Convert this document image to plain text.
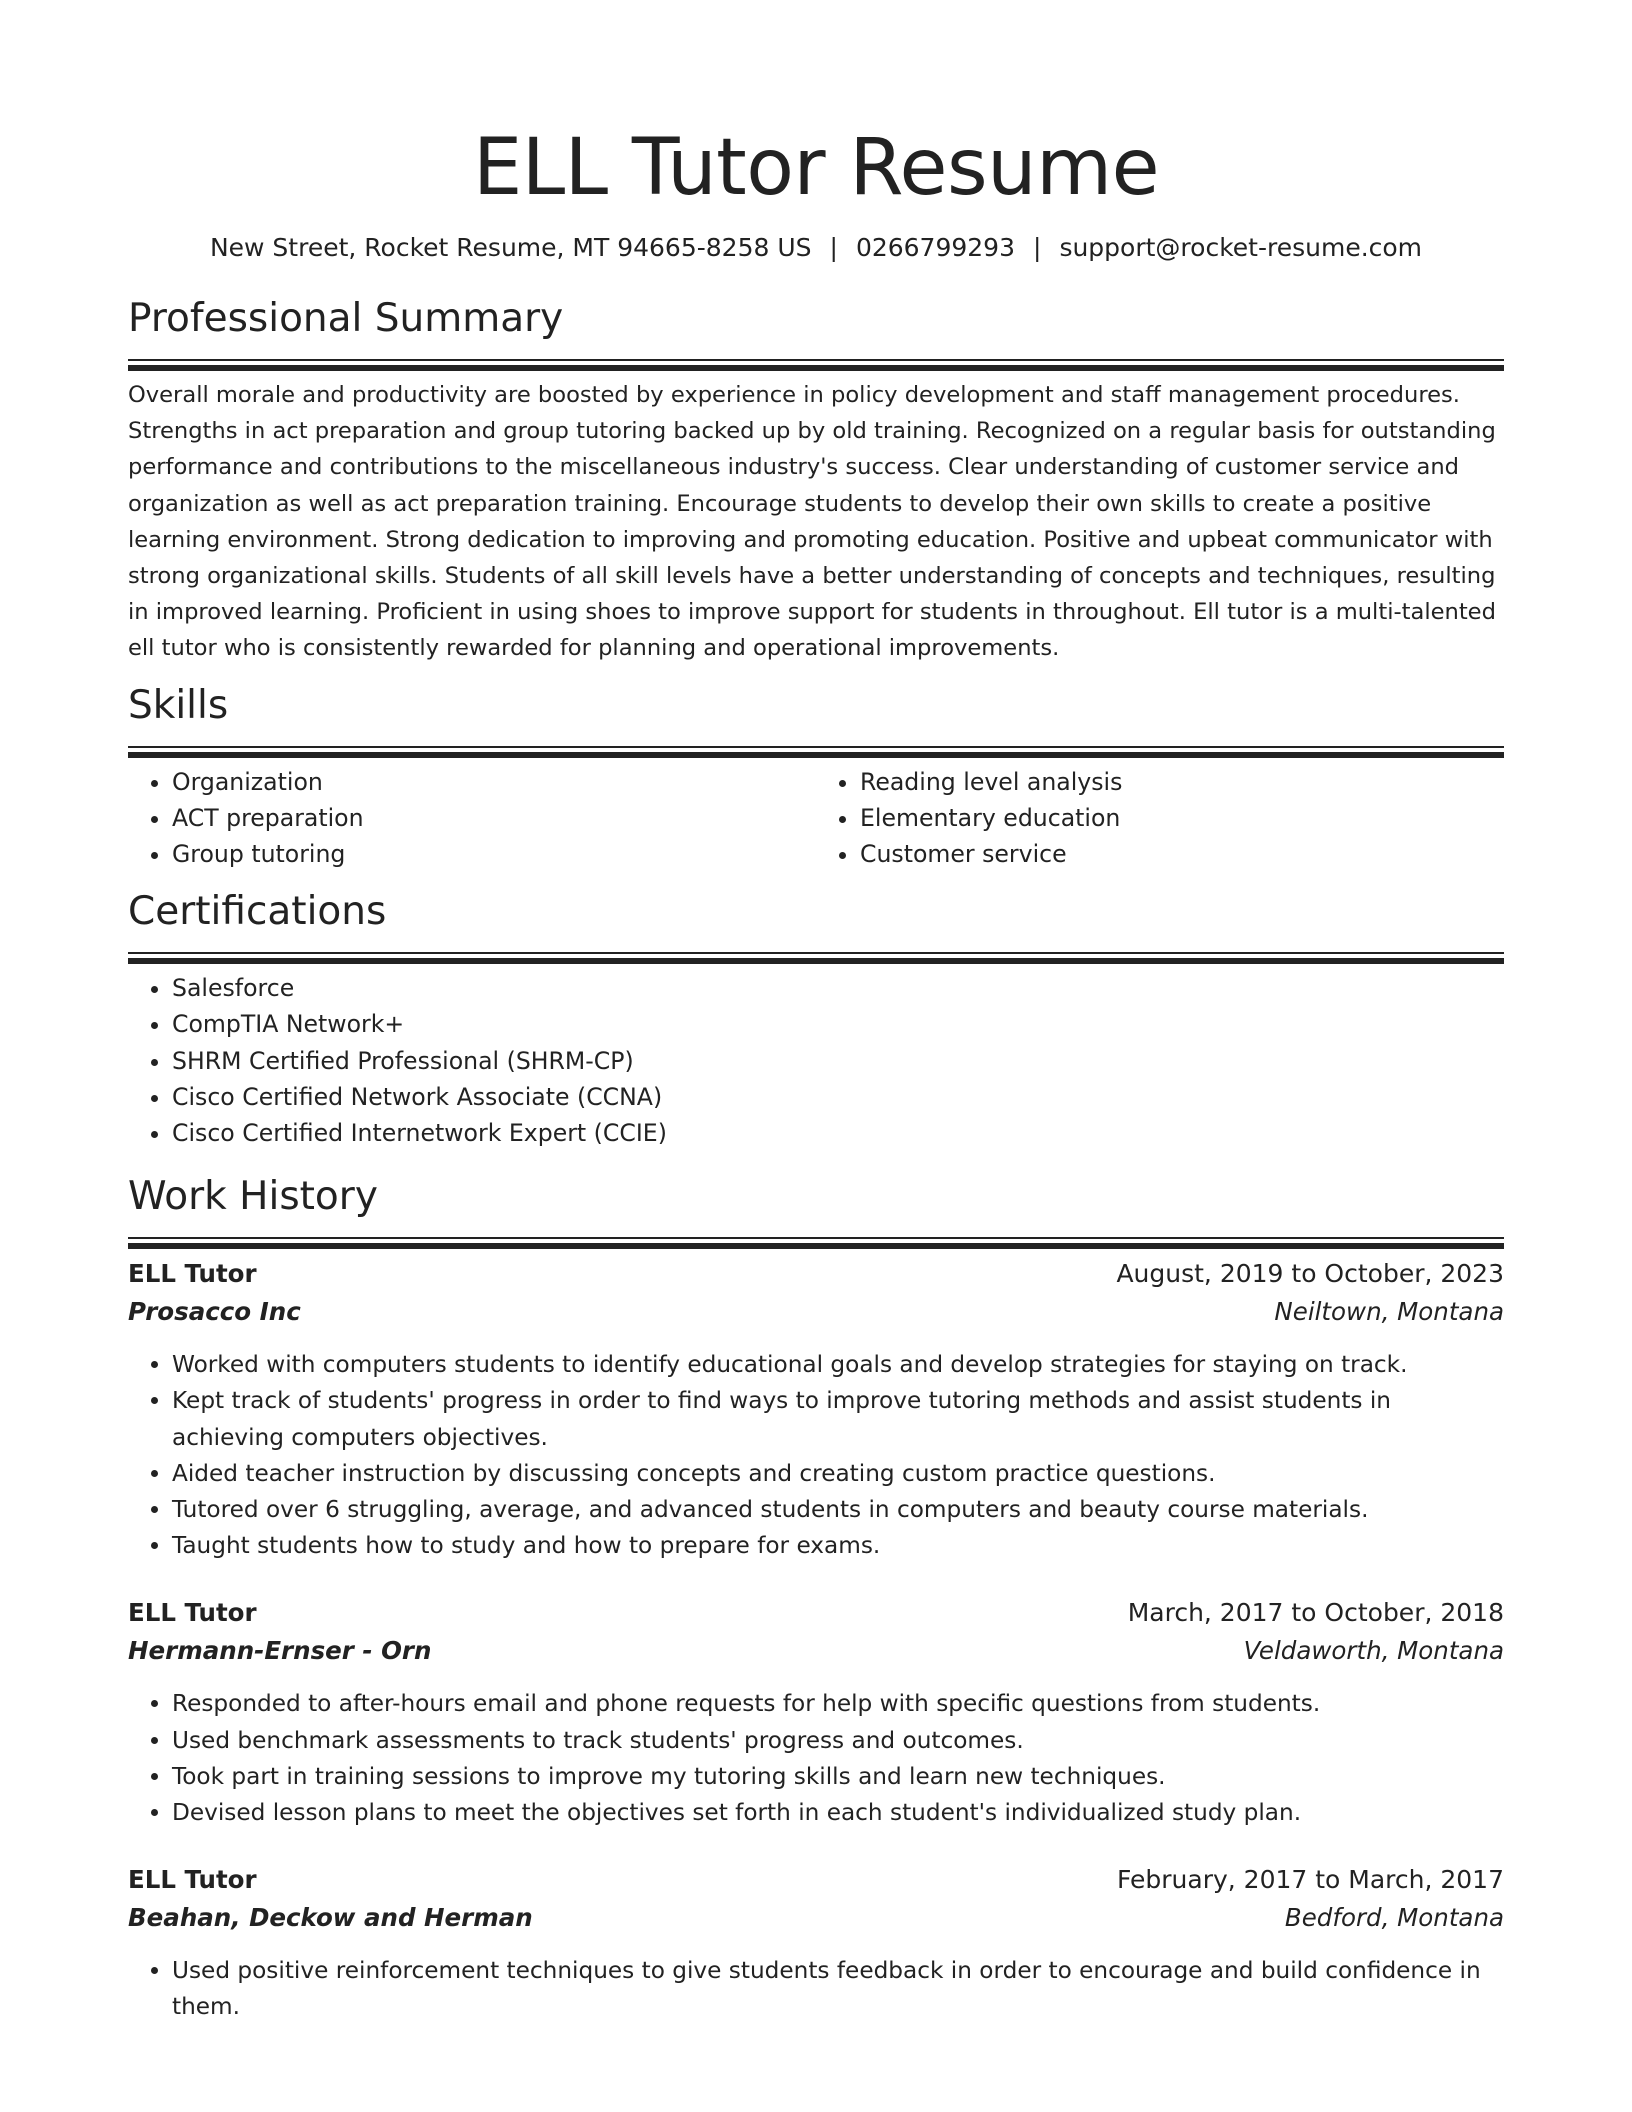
ELL Tutor Resume
New Street, Rocket Resume, MT 94665-8258 US | 0266799293 | support@rocket-resume.com
Professional Summary

Overall morale and productivity are boosted by experience in policy development and staff management procedures. Strengths in act preparation and group tutoring backed up by old training. Recognized on a regular basis for outstanding performance and contributions to the miscellaneous industry's success. Clear understanding of customer service and organization as well as act preparation training. Encourage students to develop their own skills to create a positive learning environment. Strong dedication to improving and promoting education. Positive and upbeat communicator with strong organizational skills. Students of all skill levels have a better understanding of concepts and techniques, resulting in improved learning. Proficient in using shoes to improve support for students in throughout. Ell tutor is a multi-talented ell tutor who is consistently rewarded for planning and operational improvements.

Skills
• Organization
• ACT preparation
• Group tutoring
• Reading level analysis
• Elementary education
• Customer service
Certifications
• Salesforce
• CompTIA Network+
• SHRM Certified Professional (SHRM-CP)
• Cisco Certified Network Associate (CCNA)
• Cisco Certified Internetwork Expert (CCIE)
Work History
ELL Tutor	August, 2019 to October, 2023
Prosacco Inc	Neiltown, Montana
• Worked with computers students to identify educational goals and develop strategies for staying on track.
• Kept track of students' progress in order to find ways to improve tutoring methods and assist students in achieving computers objectives.
• Aided teacher instruction by discussing concepts and creating custom practice questions.
• Tutored over 6 struggling, average, and advanced students in computers and beauty course materials.
• Taught students how to study and how to prepare for exams.
ELL Tutor	March, 2017 to October, 2018
Hermann-Ernser - Orn	Veldaworth, Montana
• Responded to after-hours email and phone requests for help with specific questions from students.
• Used benchmark assessments to track students' progress and outcomes.
• Took part in training sessions to improve my tutoring skills and learn new techniques.
• Devised lesson plans to meet the objectives set forth in each student's individualized study plan.
ELL Tutor	February, 2017 to March, 2017
Beahan, Deckow and Herman	Bedford, Montana
• Used positive reinforcement techniques to give students feedback in order to encourage and build confidence in them.
